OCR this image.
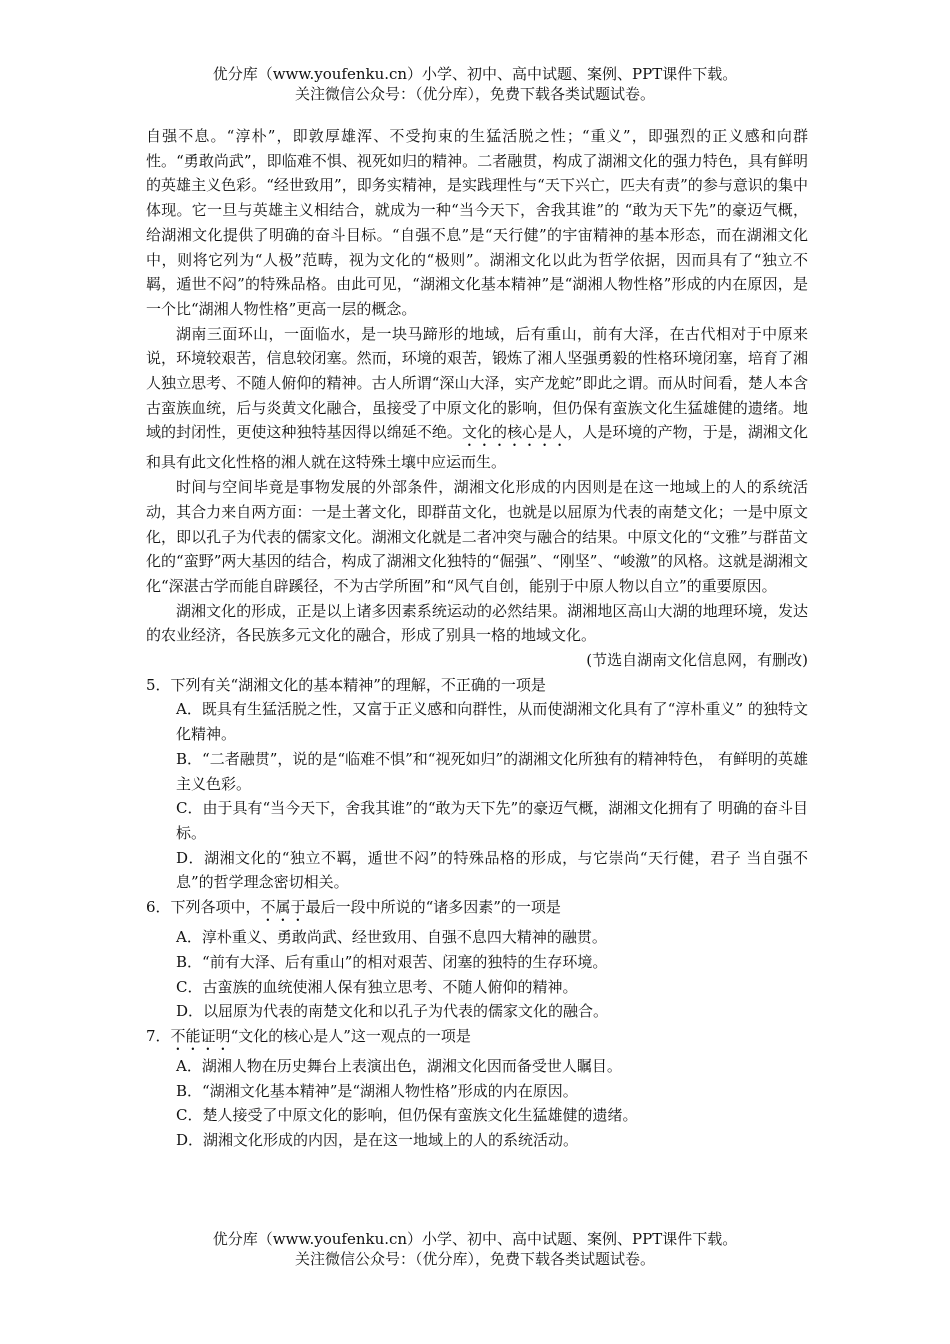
优分库（www.youfenku.cn）小学、初中、高中试题、案例、PPT课件下载。
关注微信公众号：（优分库），免费下载各类试题试卷。

自强不息。“淳朴”，即敦厚雄浑、不受拘束的生猛活脱之性；“重义”，即强烈的正义感和向群性。“勇敢尚武”，即临难不惧、视死如归的精神。二者融贯，构成了湖湘文化的强力特色，具有鲜明的英雄主义色彩。“经世致用”，即务实精神，是实践理性与“天下兴亡，匹夫有责”的参与意识的集中体现。它一旦与英雄主义相结合，就成为一种“当今天下，舍我其谁”的 “敢为天下先”的豪迈气概，给湖湘文化提供了明确的奋斗目标。“自强不息”是“天行健”的宇宙精神的基本形态，而在湖湘文化中，则将它列为“人极”范畴，视为文化的“极则”。湖湘文化以此为哲学依据，因而具有了“独立不羁，遁世不闷”的特殊品格。由此可见，“湖湘文化基本精神”是“湖湘人物性格”形成的内在原因，是一个比“湖湘人物性格”更高一层的概念。

湖南三面环山，一面临水，是一块马蹄形的地域，后有重山，前有大泽，在古代相对于中原来说，环境较艰苦，信息较闭塞。然而，环境的艰苦，锻炼了湘人坚强勇毅的性格环境闭塞，培育了湘人独立思考、不随人俯仰的精神。古人所谓“深山大泽，实产龙蛇”即此之谓。而从时间看，楚人本含古蛮族血统，后与炎黄文化融合，虽接受了中原文化的影响，但仍保有蛮族文化生猛雄健的遗绪。地域的封闭性，更使这种独特基因得以绵延不绝。文化的核心是人，人是环境的产物，于是，湖湘文化和具有此文化性格的湘人就在这特殊土壤中应运而生。

时间与空间毕竟是事物发展的外部条件，湖湘文化形成的内因则是在这一地域上的人的系统活动，其合力来自两方面：一是土著文化，即群苗文化，也就是以屈原为代表的南楚文化；一是中原文化，即以孔子为代表的儒家文化。湖湘文化就是二者冲突与融合的结果。中原文化的“文雅”与群苗文化的“蛮野”两大基因的结合，构成了湖湘文化独特的“倔强”、“刚坚”、“峻激”的风格。这就是湖湘文化“深湛古学而能自辟蹊径，不为古学所囿”和“风气自创，能别于中原人物以自立”的重要原因。

湖湘文化的形成，正是以上诸多因素系统运动的必然结果。湖湘地区高山大湖的地理环境，发达的农业经济，各民族多元文化的融合，形成了别具一格的地域文化。

(节选自湖南文化信息网，有删改)

5．下列有关“湖湘文化的基本精神”的理解，不正确的一项是

A．既具有生猛活脱之性，又富于正义感和向群性，从而使湖湘文化具有了“淳朴重义” 的独特文化精神。

B．“二者融贯”，说的是“临难不惧”和“视死如归”的湖湘文化所独有的精神特色， 有鲜明的英雄主义色彩。

C．由于具有“当今天下，舍我其谁”的“敢为天下先”的豪迈气概，湖湘文化拥有了 明确的奋斗目标。

D．湖湘文化的“独立不羁，遁世不闷”的特殊品格的形成，与它崇尚“天行健，君子 当自强不息”的哲学理念密切相关。

6．下列各项中，不属于最后一段中所说的“诸多因素”的一项是

A．淳朴重义、勇敢尚武、经世致用、自强不息四大精神的融贯。

B．“前有大泽、后有重山”的相对艰苦、闭塞的独特的生存环境。

C．古蛮族的血统使湘人保有独立思考、不随人俯仰的精神。

D．以屈原为代表的南楚文化和以孔子为代表的儒家文化的融合。

7．不能证明“文化的核心是人”这一观点的一项是

A．湖湘人物在历史舞台上表演出色，湖湘文化因而备受世人瞩目。

B．“湖湘文化基本精神”是“湖湘人物性格”形成的内在原因。

C．楚人接受了中原文化的影响，但仍保有蛮族文化生猛雄健的遗绪。

D．湖湘文化形成的内因，是在这一地域上的人的系统活动。

优分库（www.youfenku.cn）小学、初中、高中试题、案例、PPT课件下载。
关注微信公众号：（优分库），免费下载各类试题试卷。
